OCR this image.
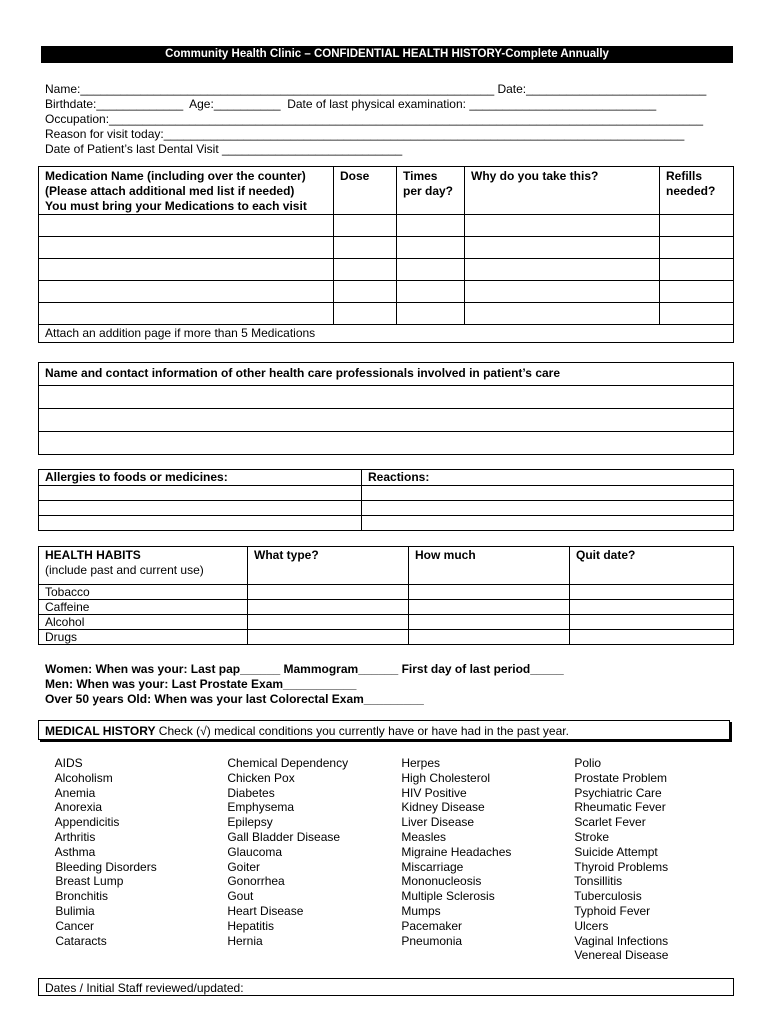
Community Health Clinic – CONFIDENTIAL HEALTH HISTORY-Complete Annually
Name:______________________________________________________________ Date:___________________________
Birthdate:_____________  Age:__________  Date of last physical examination: ____________________________
Occupation:_________________________________________________________________________________________
Reason for visit today:______________________________________________________________________________
Date of Patient’s last Dental Visit ___________________________
Medication Name (including over the counter)
(Please attach additional med list if needed)
You must bring your Medications to each visit	Dose	Times
per day?	Why do you take this?	Refills
needed?

Attach an addition page if more than 5 Medications				
Name and contact information of other health care professionals involved in patient’s care

Allergies to foods or medicines:	Reactions:

HEALTH HABITS
(include past and current use)	What type?	How much	Quit date?
Tobacco			
Caffeine			
Alcohol			
Drugs			
Women: When was your: Last pap______ Mammogram______ First day of last period_____
Men: When was your: Last Prostate Exam___________
Over 50 years Old: When was your last Colorectal Exam_________
MEDICAL HISTORY Check (√) medical conditions you currently have or have had in the past year.
AIDS
Alcoholism
Anemia
Anorexia
Appendicitis
Arthritis
Asthma
Bleeding Disorders
Breast Lump
Bronchitis
Bulimia
Cancer
Cataracts
Chemical Dependency
Chicken Pox
Diabetes
Emphysema
Epilepsy
Gall Bladder Disease
Glaucoma
Goiter
Gonorrhea
Gout
Heart Disease
Hepatitis
Hernia
Herpes
High Cholesterol
HIV Positive
Kidney Disease
Liver Disease
Measles
Migraine Headaches
Miscarriage
Mononucleosis
Multiple Sclerosis
Mumps
Pacemaker
Pneumonia
Polio
Prostate Problem
Psychiatric Care
Rheumatic Fever
Scarlet Fever
Stroke
Suicide Attempt
Thyroid Problems
Tonsillitis
Tuberculosis
Typhoid Fever
Ulcers
Vaginal Infections
Venereal Disease
Dates / Initial Staff reviewed/updated:
